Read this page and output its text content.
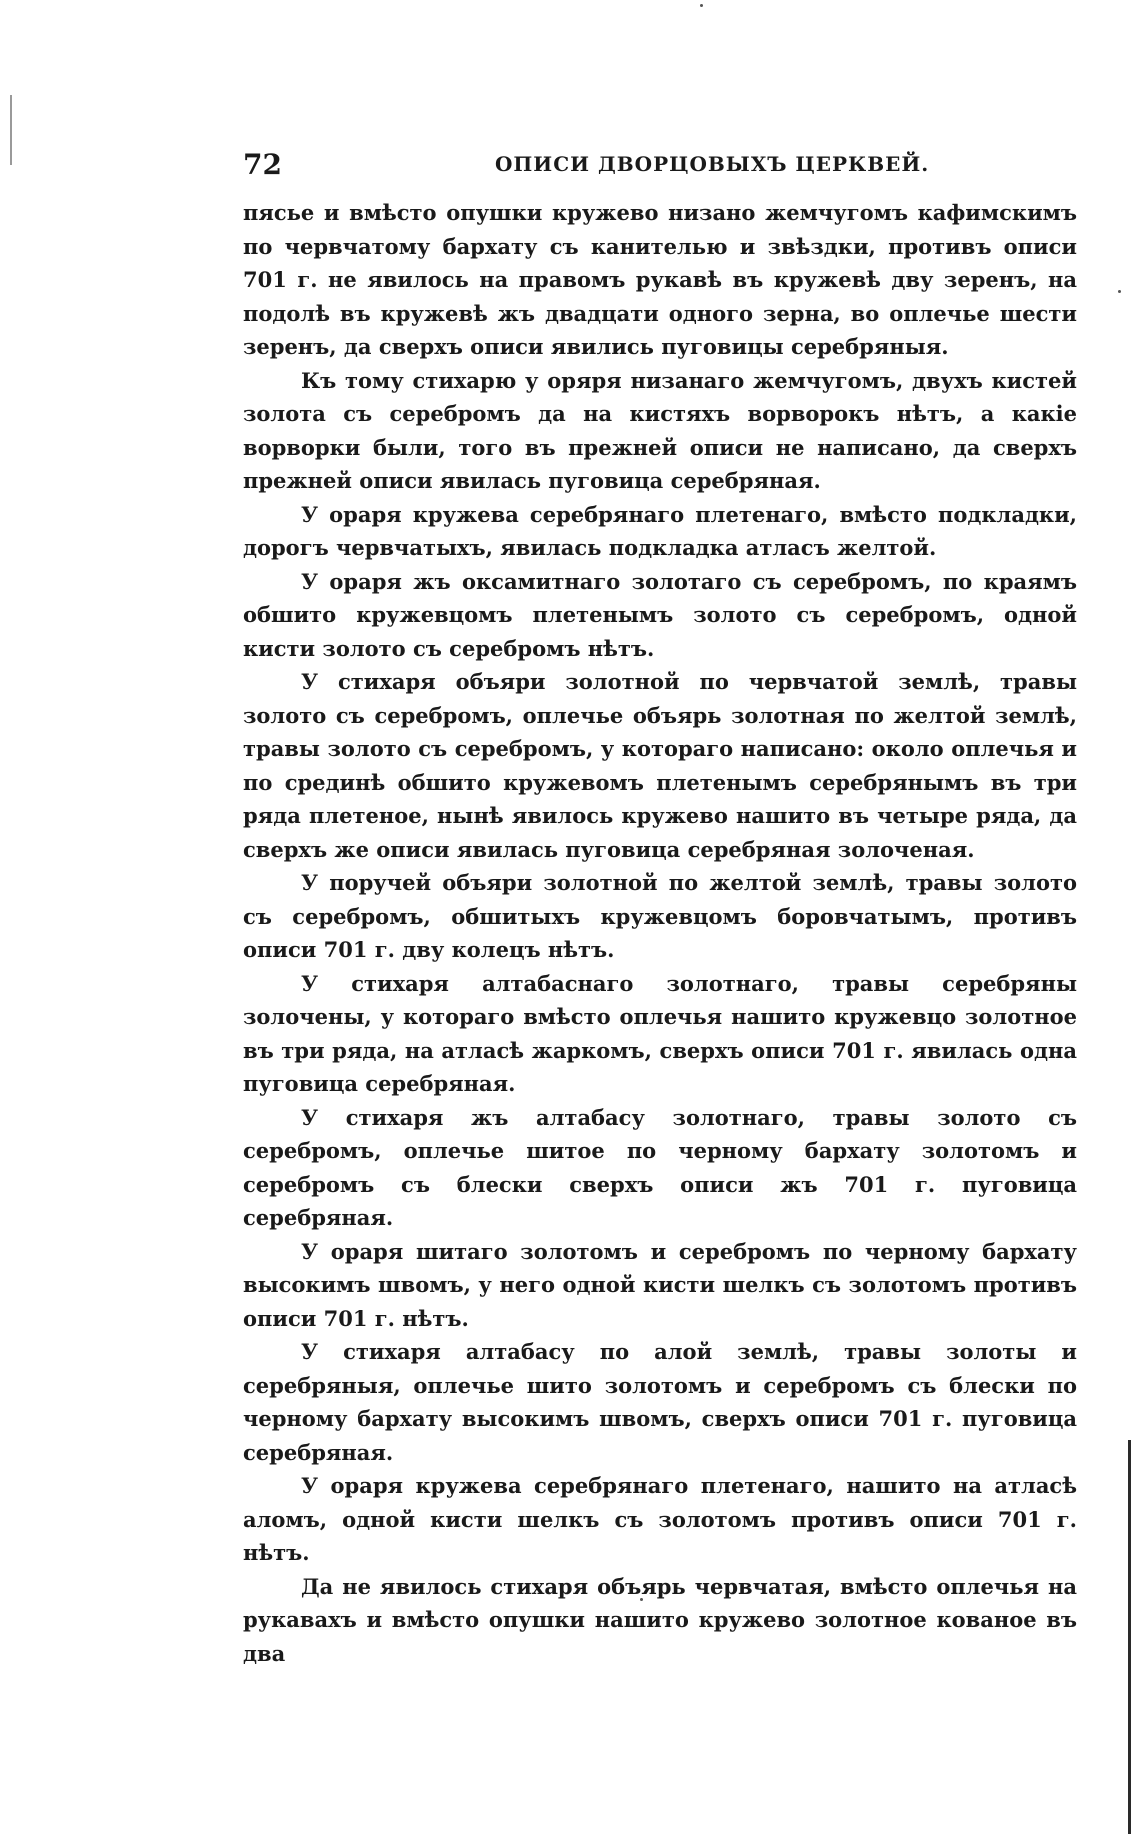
72	ОПИСИ ДВОРЦОВЫХЪ ЦЕРКВЕЙ.

пясье и вмѣсто опушки кружево низано жемчугомъ кафимскимъ по червчатому бархату съ канителью и звѣздки, противъ описи 701 г. не явилось на правомъ рукавѣ въ кружевѣ дву зеренъ, на подолѣ въ кружевѣ жъ двадцати одного зерна, во оплечье шести зеренъ, да сверхъ описи явились пуговицы серебряныя.

Къ тому стихарю у оряря низанаго жемчугомъ, двухъ кистей золота съ серебромъ да на кистяхъ ворворокъ нѣтъ, а какіе ворворки были, того въ прежней описи не написано, да сверхъ прежней описи явилась пуговица серебряная.

У орaря кружева серебрянаго плетенаго, вмѣсто подкладки, дорогъ червчатыхъ, явилась подкладка атласъ желтой.

У орaря жъ оксамитнаго золотаго съ серебромъ, по краямъ обшито кружевцомъ плетенымъ золото съ серебромъ, одной кисти золото съ серебромъ нѣтъ.

У стихаря объяри золотной по червчатой землѣ, травы золото съ серебромъ, оплечье объярь золотная по желтой землѣ, травы золото съ серебромъ, у котораго написано: около оплечья и по срединѣ обшито кружевомъ плетенымъ серебрянымъ въ три ряда плетеное, нынѣ явилось кружево нашито въ четыре ряда, да сверхъ же описи явилась пуговица серебряная золоченая.

У поручей объяри золотной по желтой землѣ, травы золото съ серебромъ, обшитыхъ кружевцомъ боровчатымъ, противъ описи 701 г. дву колецъ нѣтъ.

У стихаря алтабаснаго золотнаго, травы серебряны золочены, у котораго вмѣсто оплечья нашито кружевцо золотное въ три ряда, на атласѣ жаркомъ, сверхъ описи 701 г. явилась одна пуговица серебряная.

У стихаря жъ алтабасу золотнаго, травы золото съ серебромъ, оплечье шитое по черному бархату золотомъ и серебромъ съ блески сверхъ описи жъ 701 г. пуговица серебряная.

У орaря шитаго золотомъ и серебромъ по черному бархату высокимъ швомъ, у него одной кисти шелкъ съ золотомъ противъ описи 701 г. нѣтъ.

У стихаря алтабасу по алой землѣ, травы золоты и серебряныя, оплечье шито золотомъ и серебромъ съ блески по черному бархату высокимъ швомъ, сверхъ описи 701 г. пуговица серебряная.

У орaря кружева серебрянаго плетенаго, нашито на атласѣ аломъ, одной кисти шелкъ съ золотомъ противъ описи 701 г. нѣтъ.

Да не явилось стихаря объярь червчатая, вмѣсто оплечья на рукавахъ и вмѣсто опушки нашито кружево золотное кованое въ два
